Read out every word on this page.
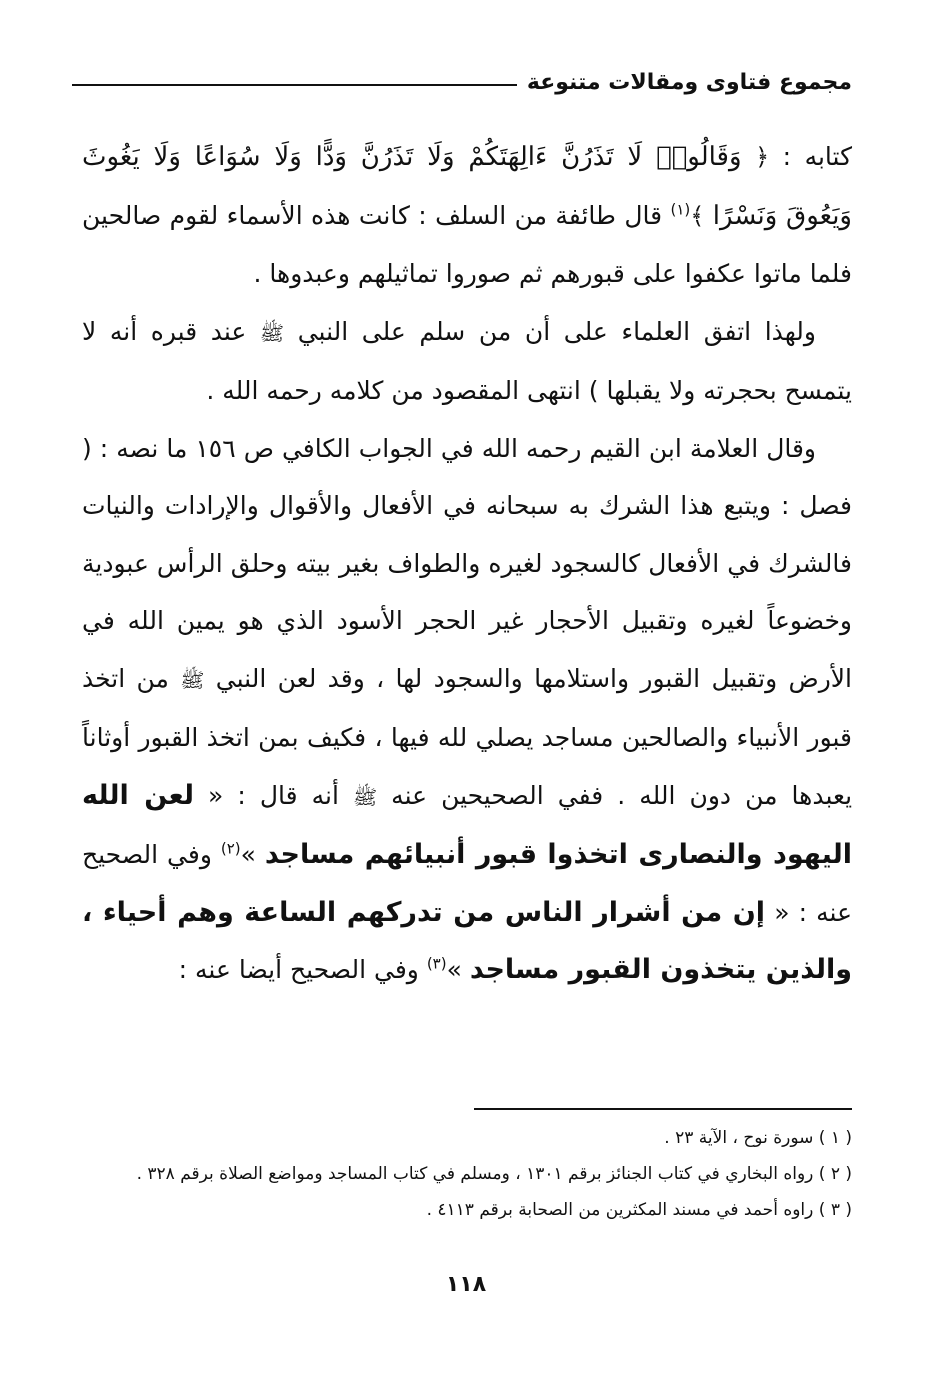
مجموع فتاوى ومقالات متنوعة

كتابه : ﴿ وَقَالُوا۟ لَا تَذَرُنَّ ءَالِهَتَكُمْ وَلَا تَذَرُنَّ وَدًّا وَلَا سُوَاعًا وَلَا يَغُوثَ وَيَعُوقَ وَنَسْرًا ﴾$^{(١)}$ قال طائفة من السلف : كانت هذه الأسماء لقوم صالحين فلما ماتوا عكفوا على قبورهم ثم صوروا تماثيلهم وعبدوها .

ولهذا اتفق العلماء على أن من سلم على النبي ﷺ عند قبره أنه لا يتمسح بحجرته ولا يقبلها ) انتهى المقصود من كلامه رحمه الله .

وقال العلامة ابن القيم رحمه الله في الجواب الكافي ص ١٥٦ ما نصه : ( فصل : ويتبع هذا الشرك به سبحانه في الأفعال والأقوال والإرادات والنيات فالشرك في الأفعال كالسجود لغيره والطواف بغير بيته وحلق الرأس عبودية وخضوعاً لغيره وتقبيل الأحجار غير الحجر الأسود الذي هو يمين الله في الأرض وتقبيل القبور واستلامها والسجود لها ، وقد لعن النبي ﷺ من اتخذ قبور الأنبياء والصالحين مساجد يصلي لله فيها ، فكيف بمن اتخذ القبور أوثاناً يعبدها من دون الله . ففي الصحيحين عنه ﷺ أنه قال : « لعن الله اليهود والنصارى اتخذوا قبور أنبيائهم مساجد »$^{(٢)}$ وفي الصحيح عنه : « إن من أشرار الناس من تدركهم الساعة وهم أحياء ، والذين يتخذون القبور مساجد »$^{(٣)}$ وفي الصحيح أيضا عنه :

( ١ ) سورة نوح ، الآية ٢٣ .

( ٢ ) رواه البخاري في كتاب الجنائز برقم ١٣٠١ ، ومسلم في كتاب المساجد ومواضع الصلاة برقم ٣٢٨ .

( ٣ ) راوه أحمد في مسند المكثرين من الصحابة برقم ٤١١٣ .

١١٨
